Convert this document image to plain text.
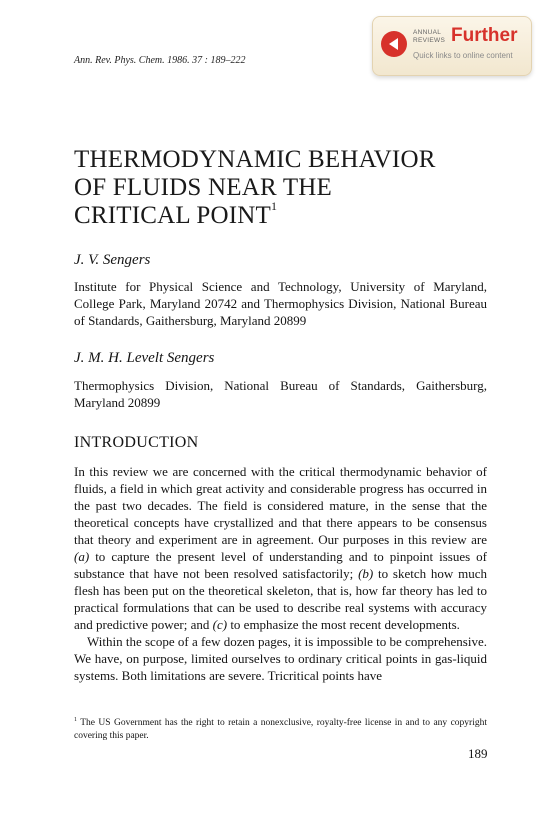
Ann. Rev. Phys. Chem. 1986. 37 : 189–222
ANNUAL
REVIEWS Further
Quick links to online content
THERMODYNAMIC BEHAVIOR
OF FLUIDS NEAR THE
CRITICAL POINT$^1$
J. V. Sengers
Institute for Physical Science and Technology, University of Maryland, College Park, Maryland 20742 and Thermophysics Division, National Bureau of Standards, Gaithersburg, Maryland 20899
J. M. H. Levelt Sengers
Thermophysics Division, National Bureau of Standards, Gaithersburg, Maryland 20899
INTRODUCTION

In this review we are concerned with the critical thermodynamic behavior of fluids, a field in which great activity and considerable progress has occurred in the past two decades. The field is considered mature, in the sense that the theoretical concepts have crystallized and that there appears to be consensus that theory and experiment are in agreement. Our purposes in this review are (a) to capture the present level of understanding and to pinpoint issues of substance that have not been resolved satisfactorily; (b) to sketch how much flesh has been put on the theoretical skeleton, that is, how far theory has led to practical formulations that can be used to describe real systems with accuracy and predictive power; and (c) to emphasize the most recent developments.

Within the scope of a few dozen pages, it is impossible to be comprehensive. We have, on purpose, limited ourselves to ordinary critical points in gas-liquid systems. Both limitations are severe. Tricritical points have

$^1$ The US Government has the right to retain a nonexclusive, royalty-free license in and to any copyright covering this paper.
189
